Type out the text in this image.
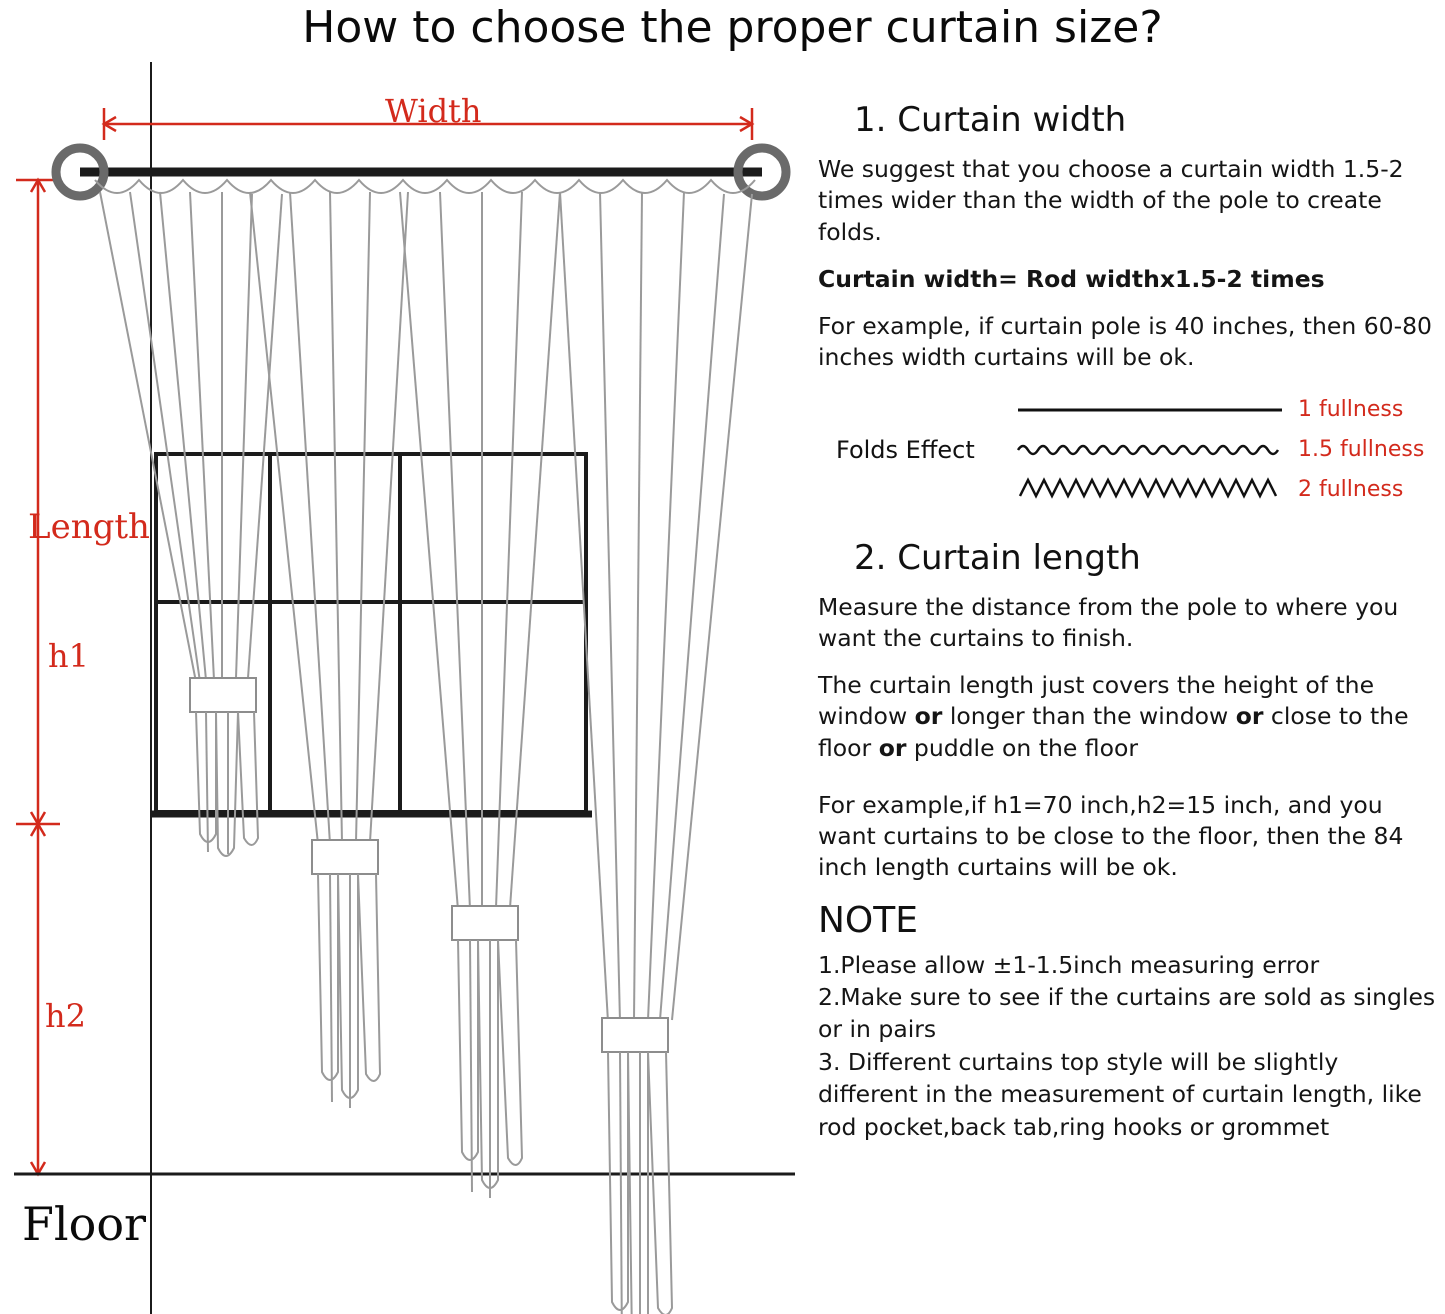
How to choose the proper curtain size?
Width
Length
h1
h2
Floor
1. Curtain width

We suggest that you choose a curtain width 1.5-2 times wider than the width of the pole to create folds.

Curtain width= Rod widthx1.5-2 times

For example, if curtain pole is 40 inches, then 60-80 inches width curtains will be ok.

Folds Effect
1 fullness
1.5 fullness
2 fullness
2. Curtain length

Measure the distance from the pole to where you want the curtains to finish.

The curtain length just covers the height of the window or longer than the window or close to the floor or puddle on the floor

For example,if h1=70 inch,h2=15 inch, and you want curtains to be close to the floor, then the 84 inch length curtains will be ok.

NOTE

1.Please allow ±1-1.5inch measuring error

2.Make sure to see if the curtains are sold as singles or in pairs

3. Different curtains top style will be slightly different in the measurement of curtain length, like rod pocket,back tab,ring hooks or grommet
